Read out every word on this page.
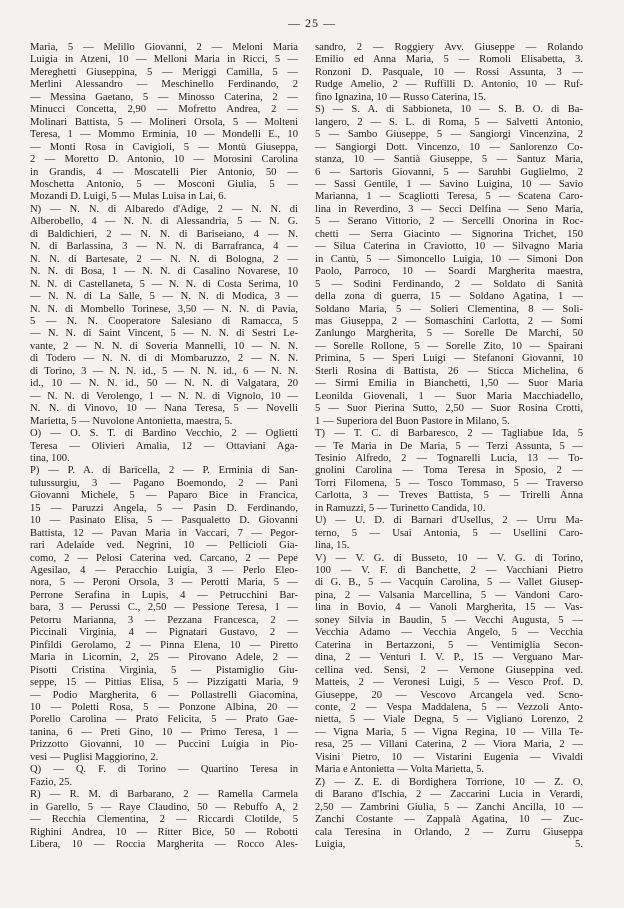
— 25 —
Maria, 5 — Melillo Giovanni, 2 — Meloni Maria
Luigia in Atzeni, 10 — Melloni Maria in Ricci, 5 —
Mereghetti Giuseppina, 5 — Meriggi Camilla, 5 —
Merlini Alessandro — Meschinello Ferdinando, 2
— Messina Gaetano, 5 — Minosso Caterina, 2 —
Minucci Concetta, 2,90 — Mofretto Andrea, 2 —
Molinari Battista, 5 — Molineri Orsola, 5 — Molteni
Teresa, 1 — Mommo Erminia, 10 — Mondelli E., 10
— Monti Rosa in Cavigioli, 5 — Montù Giuseppa,
2 — Moretto D. Antonio, 10 — Morosini Carolina
in Grandis, 4 — Moscatelli Pier Antonio, 50 —
Moschetta Antonio, 5 — Mosconi Giulia, 5 —
Mozandi D. Luigi, 5 — Mulas Luisa in Lai, 6.
N) — N. N. di Albaredo d'Adige, 2 — N. N. di
Alberobello, 4 — N. N. di Alessandria, 5 — N. G.
di Baldichieri, 2 — N. N. di Bariseiano, 4 — N.
N. di Barlassina, 3 — N. N. di Barrafranca, 4 —
N. N. di Bartesate, 2 — N. N. di Bologna, 2 —
N. N. di Bosa, 1 — N. N. di Casalino Novarese, 10
N. N. di Castellaneta, 5 — N. N. di Costa Serima, 10
— N. N. di La Salle, 5 — N. N. di Modica, 3 —
N. N. di Mombello Torinese, 3,50 — N. N. di Pavia,
5 — N. N. Cooperatore Salesiano di Ramacca, 5
— N. N. di Saint Vincent, 5 — N. N. di Sestri Le-
vante, 2 — N. N. di Soveria Mannelli, 10 — N. N.
di Todero — N. N. di di Mombaruzzo, 2 — N. N.
di Torino, 3 — N. N. id., 5 — N. N. id., 6 — N. N.
id., 10 — N. N. id., 50 — N. N. di Valgatara, 20
— N. N. di Verolengo, 1 — N. N. di Vignolo, 10 —
N. N. di Vinovo, 10 — Nana Teresa, 5 — Novelli
Marietta, 5 — Nuvolone Antonietta, maestra, 5.
O) — O. S. T. di Bardino Vecchio, 2 — Oglietti
Teresa — Olivieri Amalia, 12 — Ottaviani Aga-
tina, 100.
P) — P. A. di Baricella, 2 — P. Erminia di San-
tulussurgiu, 3 — Pagano Boemondo, 2 — Pani
Giovanni Michele, 5 — Paparo Bice in Francica,
15 — Paruzzi Angela, 5 — Pasin D. Ferdinando,
10 — Pasinato Elisa, 5 — Pasqualetto D. Giovanni
Battista, 12 — Pavan Maria in Vaccari, 7 — Pegor-
rari Adelaide ved. Negrini, 10 — Pellicioli Gia-
como, 2 — Pelosi Caterina ved. Carcano, 2 — Pepe
Agesilao, 4 — Peracchio Luigia, 3 — Perlo Eleo-
nora, 5 — Peroni Orsola, 3 — Perotti Maria, 5 —
Perrone Serafina in Lupis, 4 — Petrucchini Bar-
bara, 3 — Perussi C., 2,50 — Pessione Teresa, 1 —
Petorru Marianna, 3 — Pezzana Francesca, 2 —
Piccinali Virginia, 4 — Pignatari Gustavo, 2 —
Pinfildi Gerolamo, 2 — Pinna Elena, 10 — Piretto
Maria in Licornin, 2, 25 — Pirovano Adele, 2 —
Pisotti Cristina Virginia, 5 — Pistamiglio Giu-
seppe, 15 — Pittias Elisa, 5 — Pizzigatti Maria, 9
— Podio Margherita, 6 — Pollastrelli Giacomina,
10 — Poletti Rosa, 5 — Ponzone Albina, 20 —
Porello Carolina — Prato Felicita, 5 — Prato Gae-
tanina, 6 — Preti Gino, 10 — Primo Teresa, 1 —
Prizzotto Giovanni, 10 — Puccini Luigia in Pio-
vesi — Puglisi Maggiorino, 2.
Q) — Q. F. di Torino — Quartino Teresa in
Fazio, 25.
R) — R. M. di Barbarano, 2 — Ramella Carmela
in Garello, 5 — Raye Claudino, 50 — Rebuffo A, 2
— Recchia Clementina, 2 — Riccardi Clotilde, 5
Righini Andrea, 10 — Ritter Bice, 50 — Robotti
Libera, 10 — Roccia Margherita — Rocco Ales-
sandro, 2 — Roggiery Avv. Giuseppe — Rolando
Emilio ed Anna Maria, 5 — Romoli Elisabetta, 3.
Ronzoni D. Pasquale, 10 — Rossi Assunta, 3 —
Rudge Amelio, 2 — Ruffilli D. Antonio, 10 — Ruf-
fino Ignazina, 10 — Russo Caterina, 15.
S) — S. A. di Sabbioneta, 10 — S. B. O. di Ba-
langero, 2 — S. L. di Roma, 5 — Salvetti Antonio,
5 — Sambo Giuseppe, 5 — Sangiorgi Vincenzina, 2
— Sangiorgi Dott. Vincenzo, 10 — Sanlorenzo Co-
stanza, 10 — Santià Giuseppe, 5 — Santuz Maria,
6 — Sartoris Giovanni, 5 — Saruhbi Guglielmo, 2
— Sassi Gentile, 1 — Savino Luigina, 10 — Savio
Marianna, 1 — Scagliotti Teresa, 5 — Scatena Caro-
lina in Reverdino, 3 — Secci Delfina — Seno Maria,
5 — Serano Vittorio, 2 — Sercelli Onorina in Roc-
chetti — Serra Giacinto — Signorina Trichet, 150
— Silua Caterina in Craviotto, 10 — Silvagno Maria
in Cantù, 5 — Simoncello Luigia, 10 — Simoni Don
Paolo, Parroco, 10 — Soardi Margherita maestra,
5 — Sodini Ferdinando, 2 — Soldato di Sanità
della zona di guerra, 15 — Soldano Agatina, 1 —
Soldano Maria, 5 — Solieri Clementina, 8 — Soli-
mas Giuseppa, 2 — Somaschini Carlotta, 2 — Somi
Zanlungo Margherita, 5 — Sorelle De Marchi, 50
— Sorelle Rollone, 5 — Sorelle Zito, 10 — Spairani
Primina, 5 — Speri Luigi — Stefanoni Giovanni, 10
Sterli Rosina di Battista, 26 — Sticca Michelina, 6
— Sirmi Emilia in Bianchetti, 1,50 — Suor Maria
Leonilda Giovenali, 1 — Suor Maria Macchiadello,
5 — Suor Pierina Sutto, 2,50 — Suor Rosina Crotti,
1 — Superiora del Buon Pastore in Milano, 5.
T) — T. C. di Barbaresco, 2 — Tagliabue Ida, 5
— Te Maria in De Maria, 5 — Terzi Assunta, 5 —
Tesinio Alfredo, 2 — Tognarelli Lucia, 13 — To-
gnolini Carolina — Toma Teresa in Sposio, 2 —
Torri Filomena, 5 — Tosco Tommaso, 5 — Traverso
Carlotta, 3 — Treves Battista, 5 — Trirelli Anna
in Ramuzzi, 5 — Turinetto Candida, 10.
U) — U. D. di Barnari d'Usellus, 2 — Urru Ma-
terno, 5 — Usai Antonia, 5 — Usellini Caro-
lina, 15.
V) — V. G. di Busseto, 10 — V. G. di Torino,
100 — V. F. di Banchette, 2 — Vacchiani Pietro
di G. B., 5 — Vacquin Carolina, 5 — Vallet Giusep-
pina, 2 — Valsania Marcellina, 5 — Vandoni Caro-
lina in Bovio, 4 — Vanoli Margherita, 15 — Vas-
soney Silvia in Baudin, 5 — Vecchi Augusta, 5 —
Vecchia Adamo — Vecchia Angelo, 5 — Vecchia
Caterina in Bertazzoni, 5 — Ventimiglia Secon-
dina, 2 — Venturi I. V. P., 15 — Verguano Mar-
cellina ved. Sensi, 2 — Vernone Giuseppina ved.
Matteis, 2 — Veronesi Luigi, 5 — Vesco Prof. D.
Giuseppe, 20 — Vescovo Arcangela ved. Scno-
conte, 2 — Vespa Maddalena, 5 — Vezzoli Anto-
nietta, 5 — Viale Degna, 5 — Vigliano Lorenzo, 2
— Vigna Maria, 5 — Vigna Regina, 10 — Villa Te-
resa, 25 — Villani Caterina, 2 — Viora Maria, 2 —
Visini Pietro, 10 — Vistarini Eugenia — Vivaldi
Maria e Antonietta — Volta Marietta, 5.
Z) — Z. E. di Bordighera Torrione, 10 — Z. O.
di Barano d'Ischia, 2 — Zaccarini Lucia in Verardi,
2,50 — Zambrini Giulia, 5 — Zanchi Ancilla, 10 —
Zanchi Costante — Zappalà Agatina, 10 — Zuc-
cala Teresina in Orlando, 2 — Zurru Giuseppa
Luigia, 5.
